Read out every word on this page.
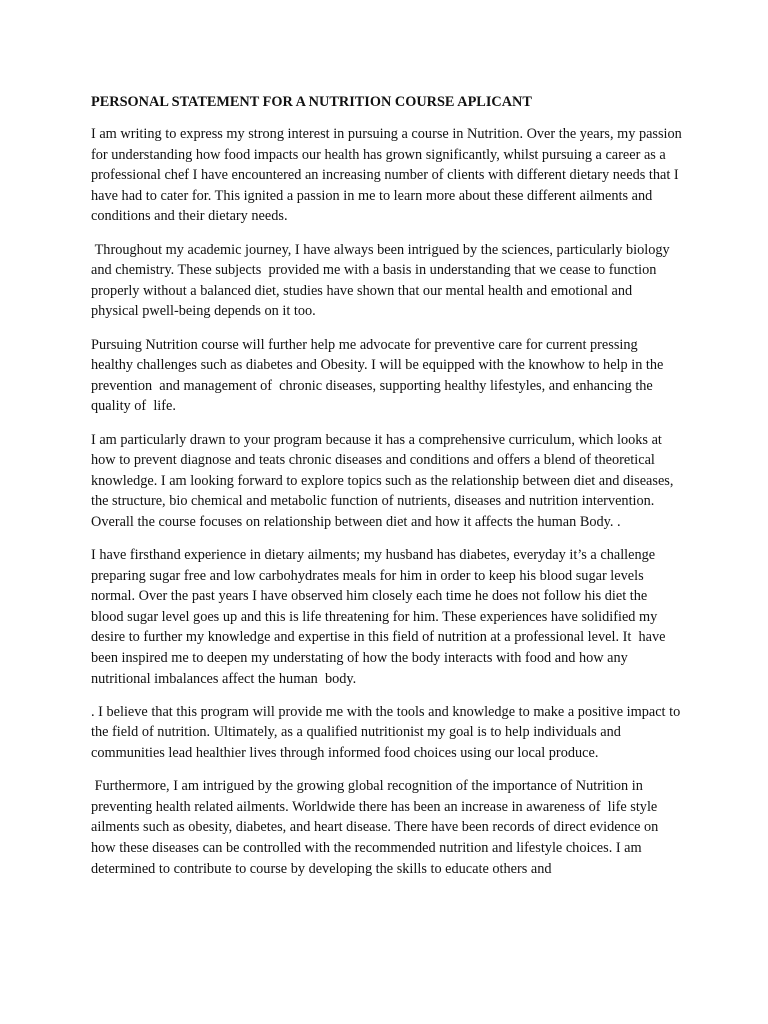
PERSONAL STATEMENT FOR A NUTRITION COURSE APLICANT

I am writing to express my strong interest in pursuing a course in Nutrition. Over the years, my passion for understanding how food impacts our health has grown significantly, whilst pursuing a career as a professional chef I have encountered an increasing number of clients with different dietary needs that I have had to cater for. This ignited a passion in me to learn more about these different ailments and conditions and their dietary needs.

Throughout my academic journey, I have always been intrigued by the sciences, particularly biology and chemistry. These subjects  provided me with a basis in understanding that we cease to function properly without a balanced diet, studies have shown that our mental health and emotional and physical pwell-being depends on it too.

Pursuing Nutrition course will further help me advocate for preventive care for current pressing healthy challenges such as diabetes and Obesity. I will be equipped with the knowhow to help in the prevention  and management of  chronic diseases, supporting healthy lifestyles, and enhancing the quality of  life.

I am particularly drawn to your program because it has a comprehensive curriculum, which looks at how to prevent diagnose and teats chronic diseases and conditions and offers a blend of theoretical knowledge. I am looking forward to explore topics such as the relationship between diet and diseases, the structure, bio chemical and metabolic function of nutrients, diseases and nutrition intervention. Overall the course focuses on relationship between diet and how it affects the human Body. .

I have firsthand experience in dietary ailments; my husband has diabetes, everyday it’s a challenge preparing sugar free and low carbohydrates meals for him in order to keep his blood sugar levels normal. Over the past years I have observed him closely each time he does not follow his diet the blood sugar level goes up and this is life threatening for him. These experiences have solidified my desire to further my knowledge and expertise in this field of nutrition at a professional level. It  have been inspired me to deepen my understating of how the body interacts with food and how any nutritional imbalances affect the human  body.

. I believe that this program will provide me with the tools and knowledge to make a positive impact to the field of nutrition. Ultimately, as a qualified nutritionist my goal is to help individuals and communities lead healthier lives through informed food choices using our local produce.

Furthermore, I am intrigued by the growing global recognition of the importance of Nutrition in preventing health related ailments. Worldwide there has been an increase in awareness of  life style ailments such as obesity, diabetes, and heart disease. There have been records of direct evidence on how these diseases can be controlled with the recommended nutrition and lifestyle choices. I am determined to contribute to course by developing the skills to educate others and
